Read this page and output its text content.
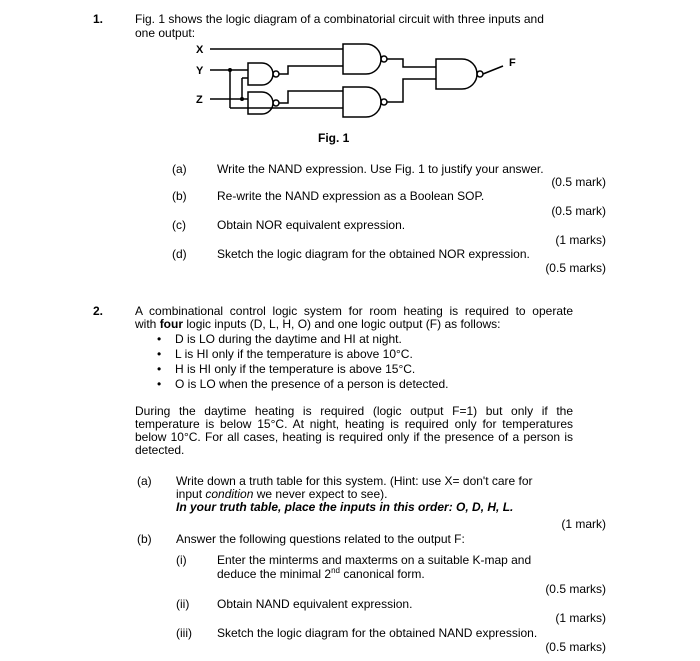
1.	Fig. 1 shows the logic diagram of a combinatorial circuit with three inputs and
one output:
X
Y
Z
F
Fig. 1
(a)	Write the NAND expression. Use Fig. 1 to justify your answer.
(0.5 mark)
(b)	Re-write the NAND expression as a Boolean SOP.
(0.5 mark)
(c)	Obtain NOR equivalent expression.
(1 marks)
(d)	Sketch the logic diagram for the obtained NOR expression.
(0.5 marks)
2.	A combinational control logic system for room heating is required to operate
with four logic inputs (D, L, H, O) and one logic output (F) as follows:
• D is LO during the daytime and HI at night.
• L is HI only if the temperature is above 10°C.
• H is HI only if the temperature is above 15°C.
• O is LO when the presence of a person is detected.
During the daytime heating is required (logic output F=1) but only if the temperature is below 15°C. At night, heating is required only for temperatures below 10°C. For all cases, heating is required only if the presence of a person is detected.
(a) Write down a truth table for this system. (Hint: use X= don't care for
input condition we never expect to see).
In your truth table, place the inputs in this order: O, D, H, L.
(1 mark)
(b) Answer the following questions related to the output F:
(i)	Enter the minterms and maxterms on a suitable K-map and
deduce the minimal 2nd canonical form.
(0.5 marks)
(ii) Obtain NAND equivalent expression.
(1 marks)
(iii) Sketch the logic diagram for the obtained NAND expression.
(0.5 marks)
